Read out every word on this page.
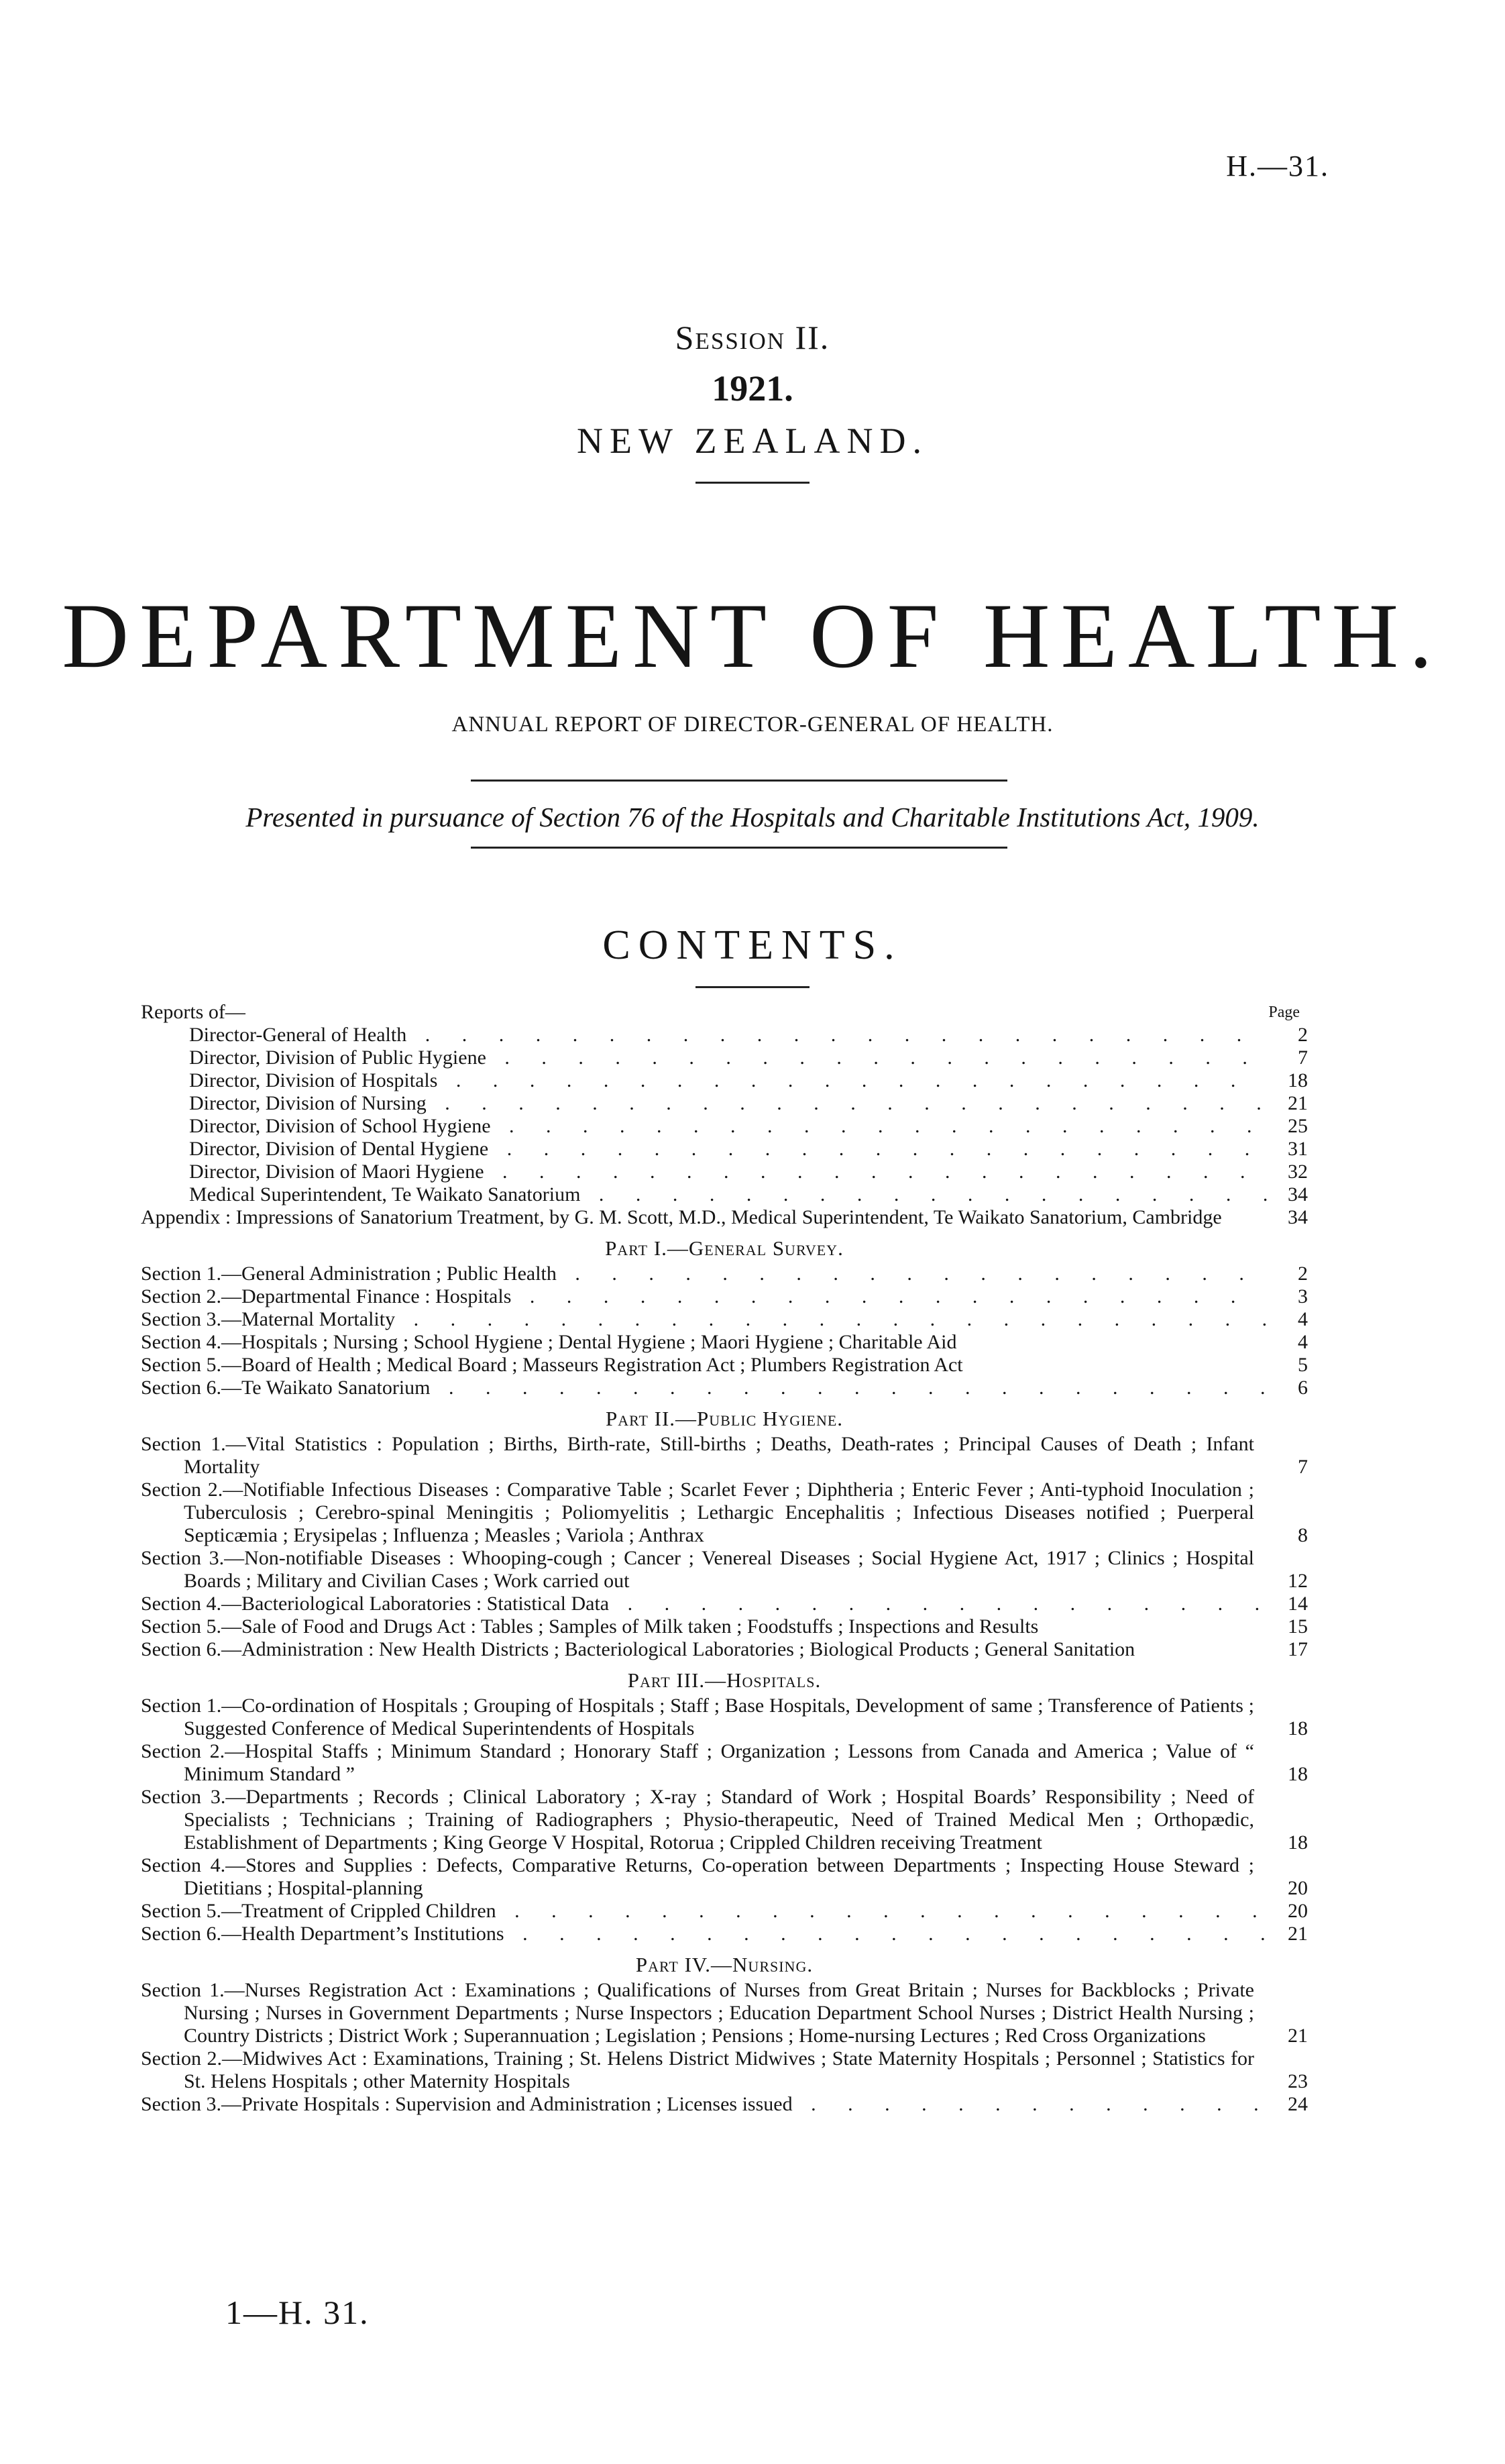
H.—31.
Session II.
1921.
NEW ZEALAND.
DEPARTMENT OF HEALTH.
ANNUAL REPORT OF DIRECTOR-GENERAL OF HEALTH.
Presented in pursuance of Section 76 of the Hospitals and Charitable Institutions Act, 1909.
CONTENTS.
Reports of—	Page
Director-General of Health . . .	2
Director, Division of Public Hygiene . . .	7
Director, Division of Hospitals . . .	18
Director, Division of Nursing . . .	21
Director, Division of School Hygiene . . .	25
Director, Division of Dental Hygiene . . .	31
Director, Division of Maori Hygiene . . .	32
Medical Superintendent, Te Waikato Sanatorium . . .	34
Appendix : Impressions of Sanatorium Treatment, by G. M. Scott, M.D., Medical Superintendent, Te Waikato Sanatorium, Cambridge	34
Part I.—General Survey.
Section 1.—General Administration ; Public Health . . .	2
Section 2.—Departmental Finance : Hospitals . . .	3
Section 3.—Maternal Mortality . . .	4
Section 4.—Hospitals ; Nursing ; School Hygiene ; Dental Hygiene ; Maori Hygiene ; Charitable Aid	4
Section 5.—Board of Health ; Medical Board ; Masseurs Registration Act ; Plumbers Registration Act	5
Section 6.—Te Waikato Sanatorium . . .	6
Part II.—Public Hygiene.
Section 1.—Vital Statistics : Population ; Births, Birth-rate, Still-births ; Deaths, Death-rates ; Principal Causes of Death ; Infant Mortality	7
Section 2.—Notifiable Infectious Diseases : Comparative Table ; Scarlet Fever ; Diphtheria ; Enteric Fever ; Anti-typhoid Inoculation ; Tuberculosis ; Cerebro-spinal Meningitis ; Poliomyelitis ; Lethargic Encephalitis ; Infectious Diseases notified ; Puerperal Septicæmia ; Erysipelas ; Influenza ; Measles ; Variola ; Anthrax	8
Section 3.—Non-notifiable Diseases : Whooping-cough ; Cancer ; Venereal Diseases ; Social Hygiene Act, 1917 ; Clinics ; Hospital Boards ; Military and Civilian Cases ; Work carried out	12
Section 4.—Bacteriological Laboratories : Statistical Data . . .	14
Section 5.—Sale of Food and Drugs Act : Tables ; Samples of Milk taken ; Foodstuffs ; Inspections and Results	15
Section 6.—Administration : New Health Districts ; Bacteriological Laboratories ; Biological Products ; General Sanitation	17
Part III.—Hospitals.
Section 1.—Co-ordination of Hospitals ; Grouping of Hospitals ; Staff ; Base Hospitals, Development of same ; Transference of Patients ; Suggested Conference of Medical Superintendents of Hospitals	18
Section 2.—Hospital Staffs ; Minimum Standard ; Honorary Staff ; Organization ; Lessons from Canada and America ; Value of “ Minimum Standard ”	18
Section 3.—Departments ; Records ; Clinical Laboratory ; X-ray ; Standard of Work ; Hospital Boards’ Responsibility ; Need of Specialists ; Technicians ; Training of Radiographers ; Physio-therapeutic, Need of Trained Medical Men ; Orthopædic, Establishment of Departments ; King George V Hospital, Rotorua ; Crippled Children receiving Treatment	18
Section 4.—Stores and Supplies : Defects, Comparative Returns, Co-operation between Departments ; Inspecting House Steward ; Dietitians ; Hospital-planning	20
Section 5.—Treatment of Crippled Children . . .	20
Section 6.—Health Department’s Institutions . . .	21
Part IV.—Nursing.
Section 1.—Nurses Registration Act : Examinations ; Qualifications of Nurses from Great Britain ; Nurses for Backblocks ; Private Nursing ; Nurses in Government Departments ; Nurse Inspectors ; Education Department School Nurses ; District Health Nursing ; Country Districts ; District Work ; Superannuation ; Legislation ; Pensions ; Home-nursing Lectures ; Red Cross Organizations	21
Section 2.—Midwives Act : Examinations, Training ; St. Helens District Midwives ; State Maternity Hospitals ; Personnel ; Statistics for St. Helens Hospitals ; other Maternity Hospitals	23
Section 3.—Private Hospitals : Supervision and Administration ; Licenses issued . . .	24
1—H. 31.
